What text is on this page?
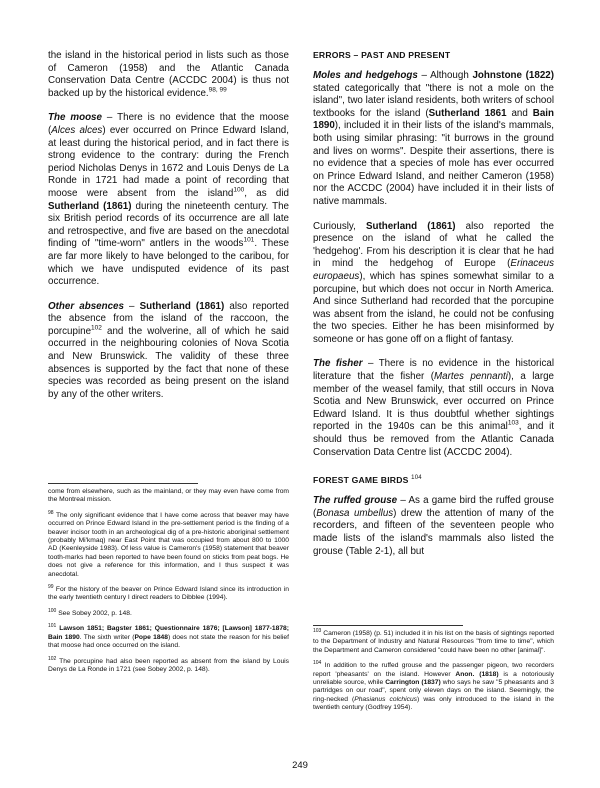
the island in the historical period in lists such as those of Cameron (1958) and the Atlantic Canada Conservation Data Centre (ACCDC 2004) is thus not backed up by the historical evidence.$^{98, 99}$

The moose – There is no evidence that the moose (Alces alces) ever occurred on Prince Edward Island, at least during the historical period, and in fact there is strong evidence to the contrary: during the French period Nicholas Denys in 1672 and Louis Denys de La Ronde in 1721 had made a point of recording that moose were absent from the island$^{100}$, as did Sutherland (1861) during the nineteenth century. The six British period records of its occurrence are all late and retrospective, and five are based on the anecdotal finding of "time-worn" antlers in the woods$^{101}$. These are far more likely to have belonged to the caribou, for which we have undisputed evidence of its past occurrence.

Other absences – Sutherland (1861) also reported the absence from the island of the raccoon, the porcupine$^{102}$ and the wolverine, all of which he said occurred in the neighbouring colonies of Nova Scotia and New Brunswick. The validity of these three absences is supported by the fact that none of these species was recorded as being present on the island by any of the other writers.

come from elsewhere, such as the mainland, or they may even have come from the Montreal mission.

$^{98}$ The only significant evidence that I have come across that beaver may have occurred on Prince Edward Island in the pre-settlement period is the finding of a beaver incisor tooth in an archeological dig of a pre-historic aboriginal settlement (probably Mi'kmaq) near East Point that was occupied from about 800 to 1000 AD (Keenleyside 1983). Of less value is Cameron's (1958) statement that beaver tooth-marks had been reported to have been found on sticks from peat bogs. He does not give a reference for this information, and I thus suspect it was anecdotal.

$^{99}$ For the history of the beaver on Prince Edward Island since its introduction in the early twentieth century I direct readers to Dibblee (1994).

$^{100}$ See Sobey 2002, p. 148.

$^{101}$ Lawson 1851; Bagster 1861; Questionnaire 1876; [Lawson] 1877-1878; Bain 1890. The sixth writer (Pope 1848) does not state the reason for his belief that moose had once occurred on the island.

$^{102}$ The porcupine had also been reported as absent from the island by Louis Denys de La Ronde in 1721 (see Sobey 2002, p. 148).

ERRORS – PAST AND PRESENT

Moles and hedgehogs – Although Johnstone (1822) stated categorically that "there is not a mole on the island", two later island residents, both writers of school textbooks for the island (Sutherland 1861 and Bain 1890), included it in their lists of the island's mammals, both using similar phrasing: "it burrows in the ground and lives on worms". Despite their assertions, there is no evidence that a species of mole has ever occurred on Prince Edward Island, and neither Cameron (1958) nor the ACCDC (2004) have included it in their lists of native mammals.

Curiously, Sutherland (1861) also reported the presence on the island of what he called the 'hedgehog'. From his description it is clear that he had in mind the hedgehog of Europe (Erinaceus europaeus), which has spines somewhat similar to a porcupine, but which does not occur in North America. And since Sutherland had recorded that the porcupine was absent from the island, he could not be confusing the two species. Either he has been misinformed by someone or has gone off on a flight of fantasy.

The fisher – There is no evidence in the historical literature that the fisher (Martes pennanti), a large member of the weasel family, that still occurs in Nova Scotia and New Brunswick, ever occurred on Prince Edward Island. It is thus doubtful whether sightings reported in the 1940s can be this animal$^{103}$, and it should thus be removed from the Atlantic Canada Conservation Data Centre list (ACCDC 2004).

FOREST GAME BIRDS $^{104}$

The ruffed grouse – As a game bird the ruffed grouse (Bonasa umbellus) drew the attention of many of the recorders, and fifteen of the seventeen people who made lists of the island's mammals also listed the grouse (Table 2-1), all but

$^{103}$ Cameron (1958) (p. 51) included it in his list on the basis of sightings reported to the Department of Industry and Natural Resources "from time to time", which the Department and Cameron considered "could have been no other [animal]".

$^{104}$ In addition to the ruffed grouse and the passenger pigeon, two recorders report 'pheasants' on the island. However Anon. (1818) is a notoriously unreliable source, while Carrington (1837) who says he saw "5 pheasants and 3 partridges on our road", spent only eleven days on the island. Seemingly, the ring-necked (Phasianus colchicus) was only introduced to the island in the twentieth century (Godfrey 1954).

249
